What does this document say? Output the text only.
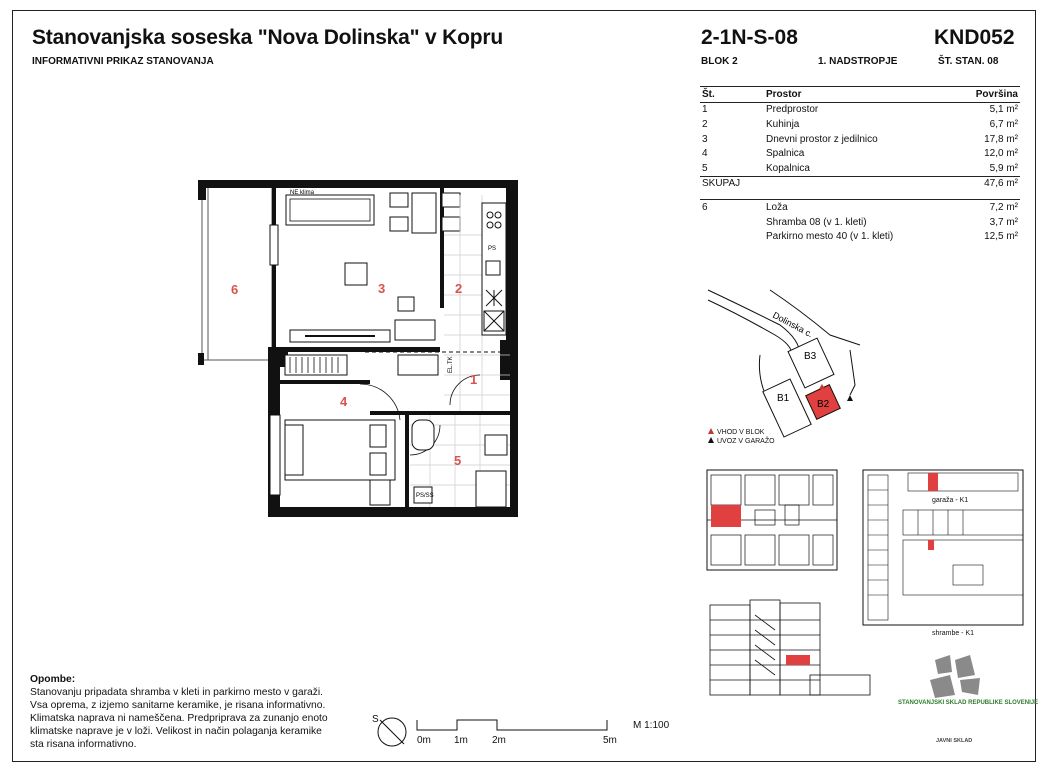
Stanovanjska soseska "Nova Dolinska" v Kopru
INFORMATIVNI PRIKAZ STANOVANJA
2-1N-S-08	KND052
BLOK 2	1. NADSTROPJE	ŠT. STAN. 08
Št.	Prostor	Površina
1	Predprostor	5,1 m²
2	Kuhinja	6,7 m²
3	Dnevni prostor z jedilnico	17,8 m²
4	Spalnica	12,0 m²
5	Kopalnica	5,9 m²
SKUPAJ		47,6 m²

6	Loža	7,2 m²
	Shramba 08 (v 1. kleti)	3,7 m²
	Parkirno mesto 40 (v 1. kleti)	12,5 m²
NE klima
PS
EL.TK
PS/SS
6	3	2
1
4
5
Dolinska c.
B3
B1
B2
VHOD V BLOK
UVOZ V GARAŽO
garaža - K1
shrambe - K1
STANOVANJSKI SKLAD REPUBLIKE SLOVENIJE
JAVNI SKLAD
Opombe:
Stanovanju pripadata shramba v kleti in parkirno mesto v garaži.
Vsa oprema, z izjemo sanitarne keramike, je risana informativno.
Klimatska naprava ni nameščena. Predpriprava za zunanjo enoto
klimatske naprave je v loži. Velikost in način polaganja keramike
sta risana informativno.
S
0m 1m 2m	5m
M 1:100
